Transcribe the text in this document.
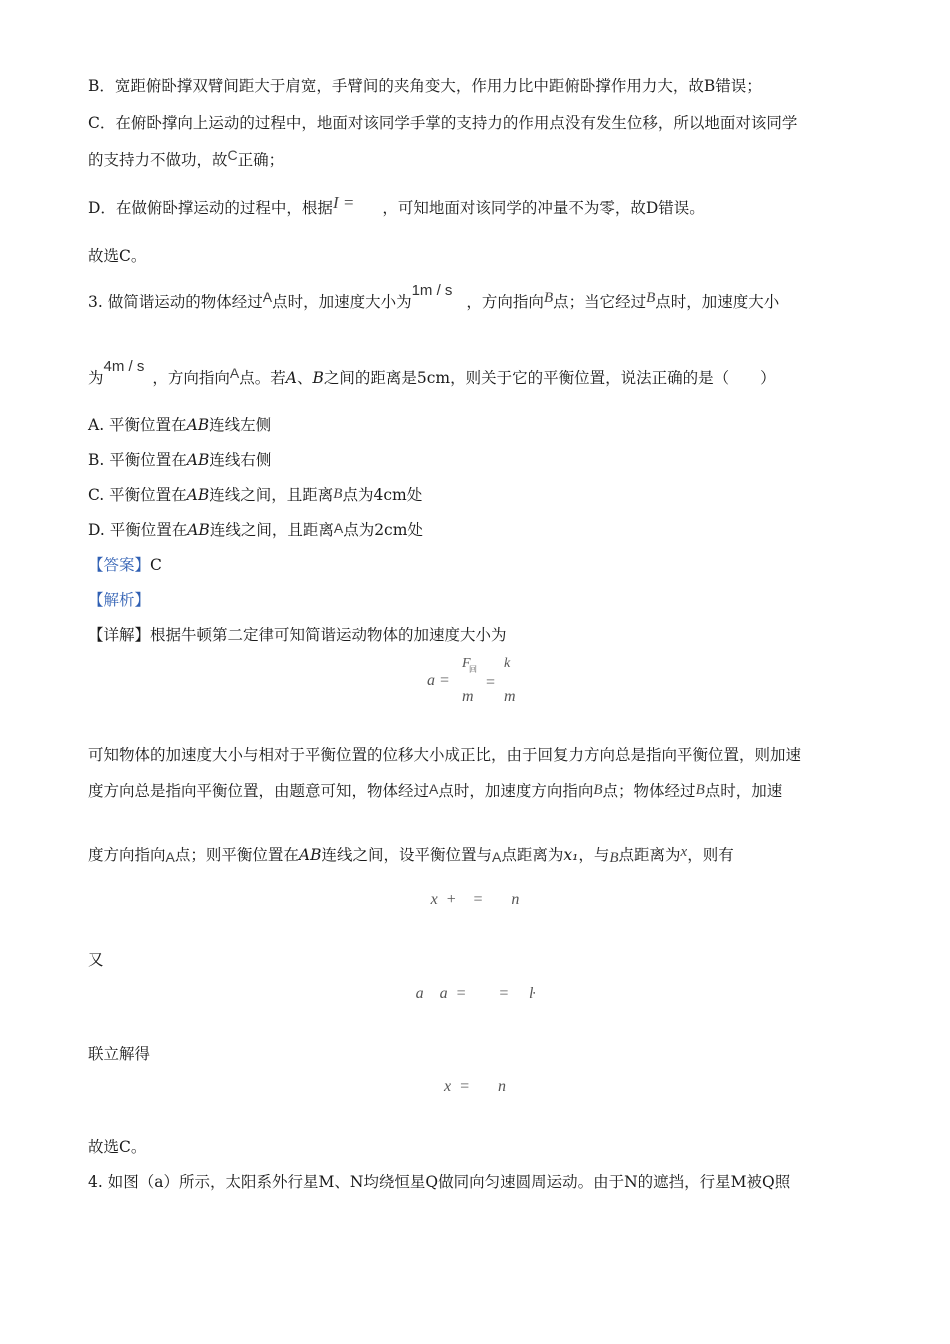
B．宽距俯卧撑双臂间距大于肩宽，手臂间的夹角变大，作用力比中距俯卧撑作用力大，故B错误；
C．在俯卧撑向上运动的过程中，地面对该同学手掌的支持力的作用点没有发生位移，所以地面对该同学
的支持力不做功，故C正确；
D．在做俯卧撑运动的过程中，根据I = ，可知地面对该同学的冲量不为零，故D错误。
故选C。
3. 做简谐运动的物体经过A点时，加速度大小为1m / s，方向指向B点；当它经过B点时，加速度大小
为4m / s，方向指向A点。若A、B之间的距离是5cm，则关于它的平衡位置，说法正确的是（　　）
A. 平衡位置在AB连线左侧
B. 平衡位置在AB连线右侧
C. 平衡位置在AB连线之间，且距离B点为4cm处
D. 平衡位置在AB连线之间，且距离A点为2cm处
【答案】C
【解析】
【详解】根据牛顿第二定律可知简谐运动物体的加速度大小为
a =
F
回
m
=
k
m
可知物体的加速度大小与相对于平衡位置的位移大小成正比，由于回复力方向总是指向平衡位置，则加速
度方向总是指向平衡位置，由题意可知，物体经过A点时，加速度方向指向B点；物体经过B点时，加速
度方向指向A点；则平衡位置在AB连线之间，设平衡位置与A点距离为x₁，与B点距离为x，则有
x  +    =       n
又
a    a  =        =     ŀ
联立解得
x  =       n
故选C。
4. 如图（a）所示，太阳系外行星M、N均绕恒星Q做同向匀速圆周运动。由于N的遮挡，行星M被Q照
